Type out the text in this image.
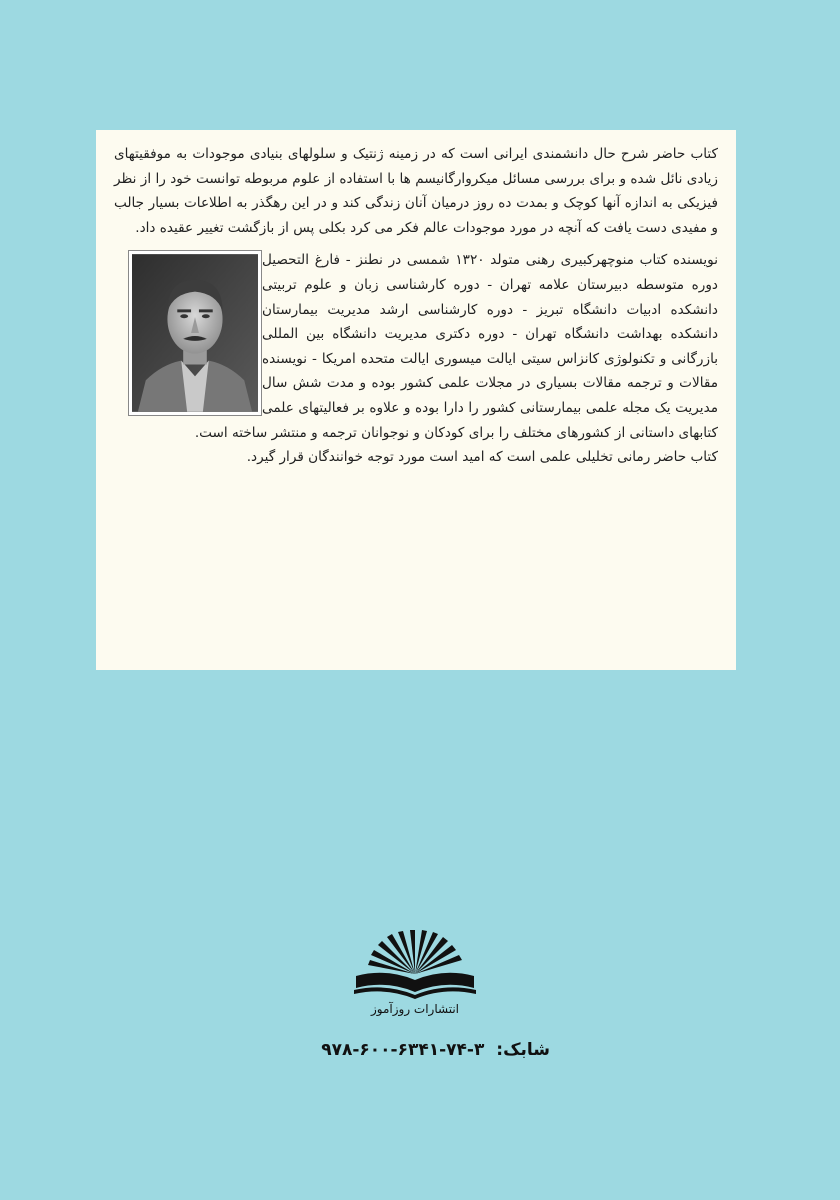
کتاب حاضر شرح حال دانشمندی ایرانی است که در زمینه ژنتیک و سلولهای بنیادی موجودات به موفقیتهای زیادی نائل شده و برای بررسی مسائل میکروارگانیسم ها با استفاده از علوم مربوطه توانست خود را از نظر فیزیکی به اندازه آنها کوچک و بمدت ده روز درمیان آنان زندگی کند و در این رهگذر به اطلاعات بسیار جالب و مفیدی دست یافت که آنچه در مورد موجودات عالم فکر می کرد بکلی پس از بازگشت تغییر عقیده داد.

نویسنده کتاب منوچهرکبیری رهنی متولد ۱۳۲۰ شمسی در نطنز - فارغ التحصیل دوره متوسطه دبیرستان علامه تهران - دوره کارشناسی زبان و علوم تربیتی دانشکده ادبیات دانشگاه تبریز - دوره کارشناسی ارشد مدیریت بیمارستان دانشکده بهداشت دانشگاه تهران - دوره دکتری مدیریت دانشگاه بین المللی بازرگانی و تکنولوژی کانزاس سیتی ایالت میسوری ایالت متحده امریکا - نویسنده مقالات و ترجمه مقالات بسیاری در مجلات علمی کشور بوده و مدت شش سال مدیریت یک مجله علمی بیمارستانی کشور را دارا بوده و علاوه بر فعالیتهای علمی کتابهای داستانی از کشورهای مختلف را برای کودکان و نوجوانان ترجمه و منتشر ساخته است.

کتاب حاضر رمانی تخلیلی علمی است که امید است مورد توجه خوانندگان قرار گیرد.

انتشارات روزآموز
شابک: ۹۷۸-۶۰۰-۶۳۴۱-۷۴-۳
